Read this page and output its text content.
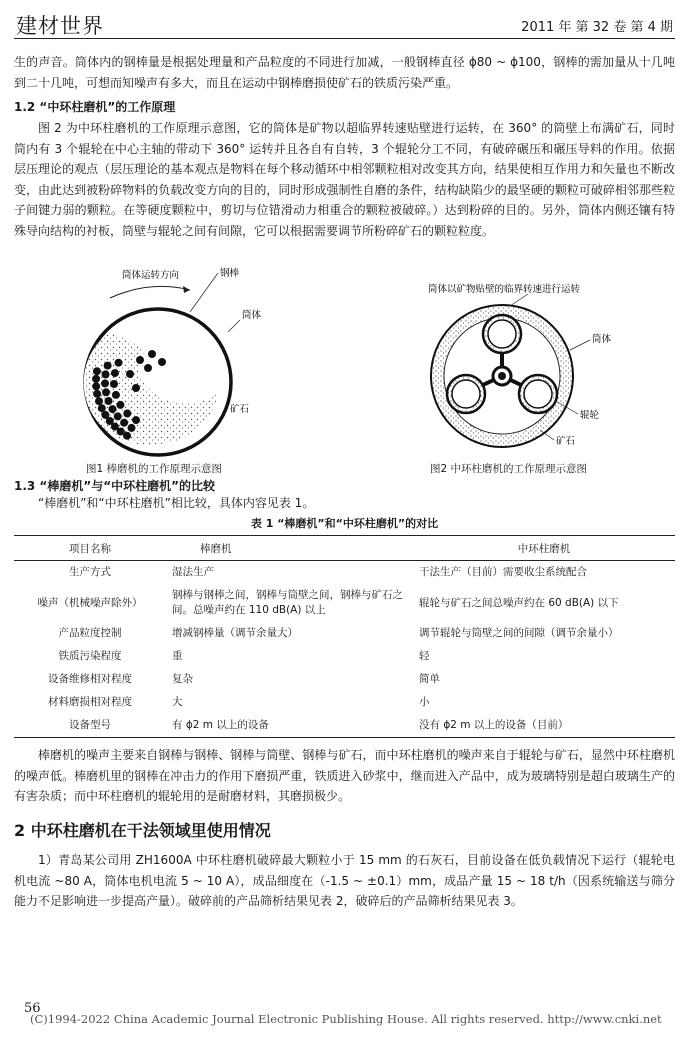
建材世界	2011 年 第 32 卷 第 4 期
生的声音。筒体内的钢棒量是根据处理量和产品粒度的不同进行加减，一般钢棒直径 ϕ80 ~ ϕ100，钢棒的需加量从十几吨到二十几吨，可想而知噪声有多大，而且在运动中钢棒磨损使矿石的铁质污染严重。
1.2 “中环柱磨机”的工作原理
图 2 为中环柱磨机的工作原理示意图，它的筒体是矿物以超临界转速贴壁进行运转，在 360° 的筒壁上布满矿石，同时筒内有 3 个辊轮在中心主轴的带动下 360° 运转并且各自有自转，3 个辊轮分工不同，有破碎碾压和碾压导料的作用。依据层压理论的观点（层压理论的基本观点是物料在每个移动循环中相邻颗粒相对改变其方向，结果使相互作用力和矢量也不断改变，由此达到被粉碎物料的负载改变方向的目的，同时形成强制性自磨的条件，结构缺陷少的最坚硬的颗粒可破碎相邻那些粒子间键力弱的颗粒。在等硬度颗粒中，剪切与位错滑动力相重合的颗粒被破碎。）达到粉碎的目的。另外，筒体内侧还镶有特殊导向结构的衬板，筒壁与辊轮之间有间隙，它可以根据需要调节所粉碎矿石的颗粒粒度。
筒体运转方向	钢棒
筒体
矿石
图1 棒磨机的工作原理示意图
筒体以矿物贴壁的临界转速进行运转
筒体
辊轮
矿石
图2 中环柱磨机的工作原理示意图
1.3 “棒磨机”与“中环柱磨机”的比较
“棒磨机”和“中环柱磨机”相比较，具体内容见表 1。
表 1 “棒磨机”和“中环柱磨机”的对比
项目名称	棒磨机	中环柱磨机
生产方式	湿法生产	干法生产（目前）需要收尘系统配合
噪声（机械噪声除外）	钢棒与钢棒之间，钢棒与筒壁之间，钢棒与矿石之间。总噪声约在 110 dB(A) 以上	辊轮与矿石之间总噪声约在 60 dB(A) 以下
产品粒度控制	增减钢棒量（调节余量大）	调节辊轮与筒壁之间的间隙（调节余量小）
铁质污染程度	重	轻
设备维修相对程度	复杂	简单
材料磨损相对程度	大	小
设备型号	有 ϕ2 m 以上的设备	没有 ϕ2 m 以上的设备（目前）
棒磨机的噪声主要来自钢棒与钢棒、钢棒与筒壁、钢棒与矿石，而中环柱磨机的噪声来自于辊轮与矿石，显然中环柱磨机的噪声低。棒磨机里的钢棒在冲击力的作用下磨损严重，铁质进入砂浆中，继而进入产品中，成为玻璃特别是超白玻璃生产的有害杂质；而中环柱磨机的辊轮用的是耐磨材料，其磨损极少。
2 中环柱磨机在干法领域里使用情况
1）青岛某公司用 ZH1600A 中环柱磨机破碎最大颗粒小于 15 mm 的石灰石，目前设备在低负载情况下运行（辊轮电机电流 ~80 A，筒体电机电流 5 ~ 10 A），成品细度在（-1.5 ~ ±0.1）mm，成品产量 15 ~ 18 t/h（因系统输送与筛分能力不足影响进一步提高产量）。破碎前的产品筛析结果见表 2，破碎后的产品筛析结果见表 3。
56
(C)1994-2022 China Academic Journal Electronic Publishing House. All rights reserved. http://www.cnki.net
